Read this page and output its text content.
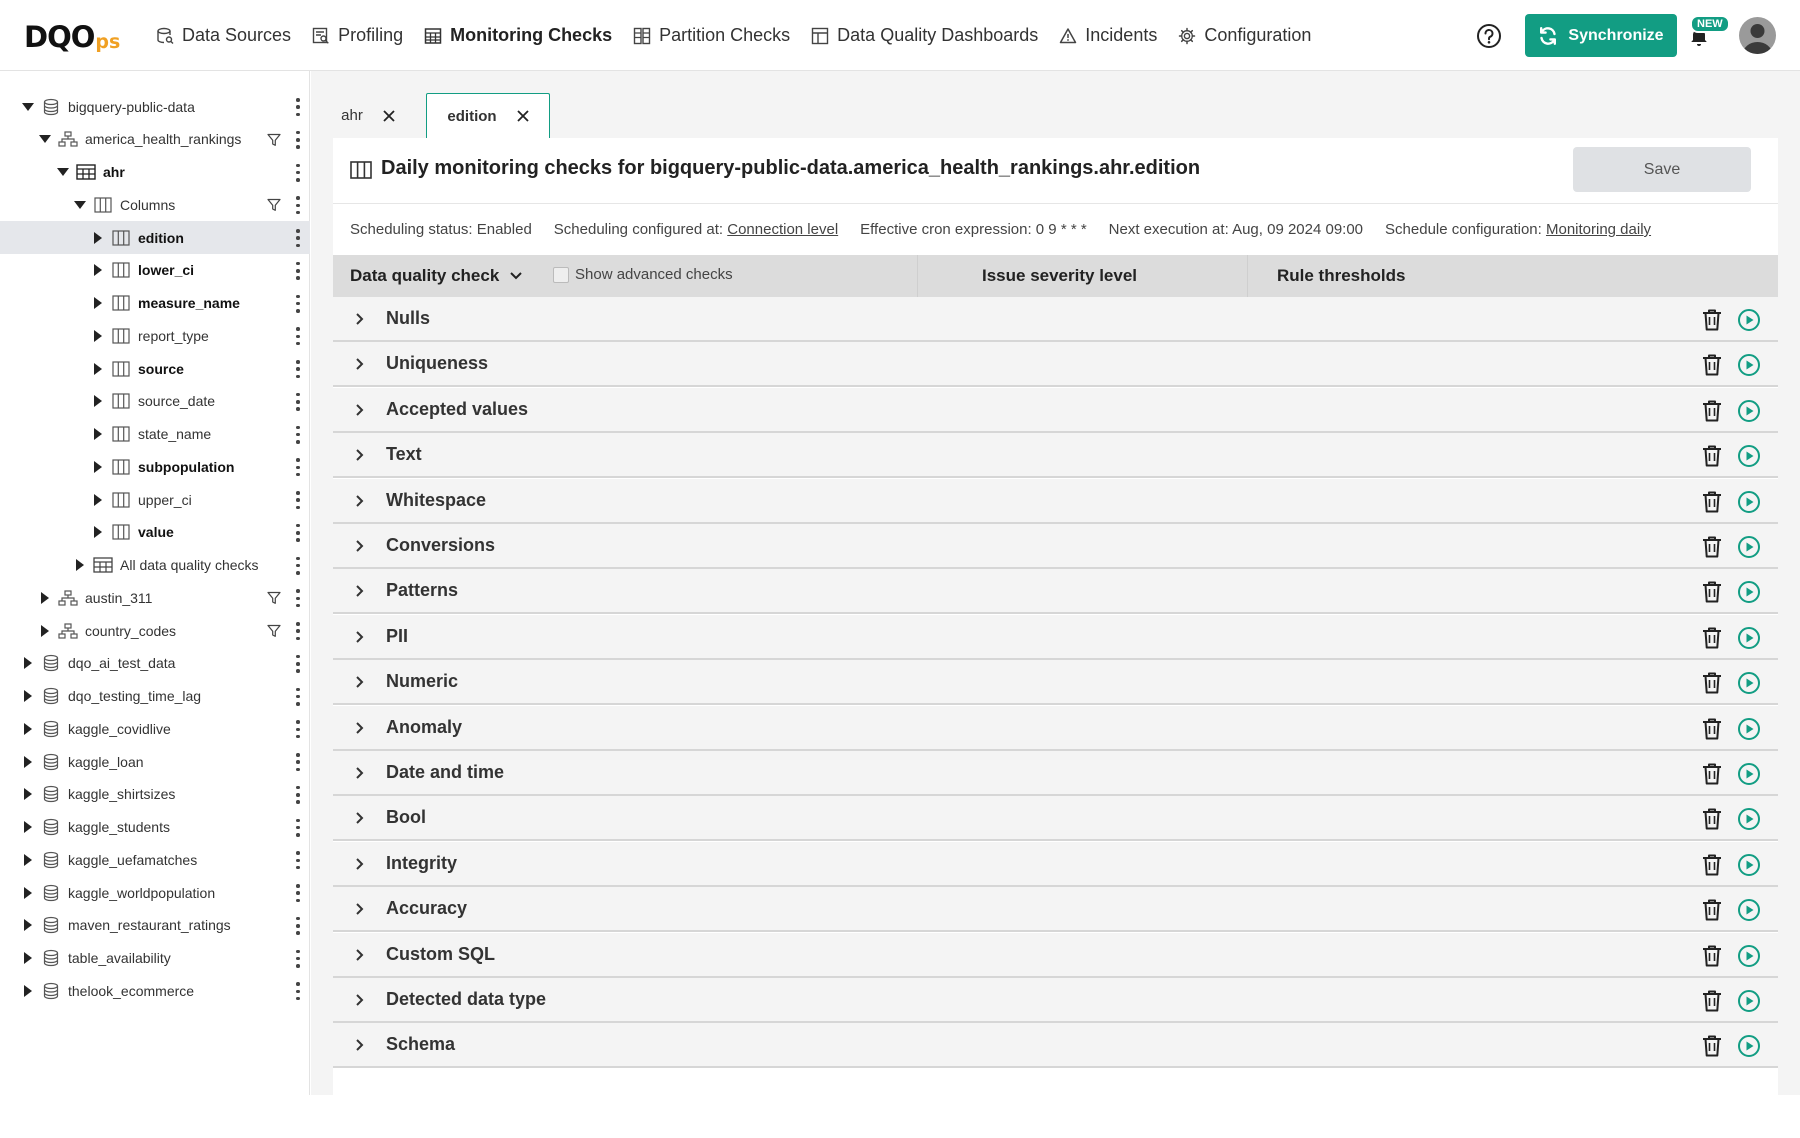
DQO ps	Data Sources	Profiling	Monitoring Checks	Partition Checks	Data Quality Dashboards	Incidents	Configuration	Synchronize
NEW
bigquery-public-data
america_health_rankings
ahr
Columns
edition
lower_ci
measure_name
report_type
source
source_date
state_name
subpopulation
upper_ci
value
All data quality checks
austin_311
country_codes
dqo_ai_test_data
dqo_testing_time_lag
kaggle_covidlive
kaggle_loan
kaggle_shirtsizes
kaggle_students
kaggle_uefamatches
kaggle_worldpopulation
maven_restaurant_ratings
table_availability
thelook_ecommerce
ahr	edition
Daily monitoring checks for bigquery-public-data.america_health_rankings.ahr.edition	Save
Scheduling status: Enabled Scheduling configured at: Connection level Effective cron expression: 0 9 * * * Next execution at: Aug, 09 2024 09:00 Schedule configuration: Monitoring daily
Data quality check	Show advanced checks	Issue severity level	Rule thresholds
Nulls
Uniqueness
Accepted values
Text
Whitespace
Conversions
Patterns
PII
Numeric
Anomaly
Date and time
Bool
Integrity
Accuracy
Custom SQL
Detected data type
Schema
